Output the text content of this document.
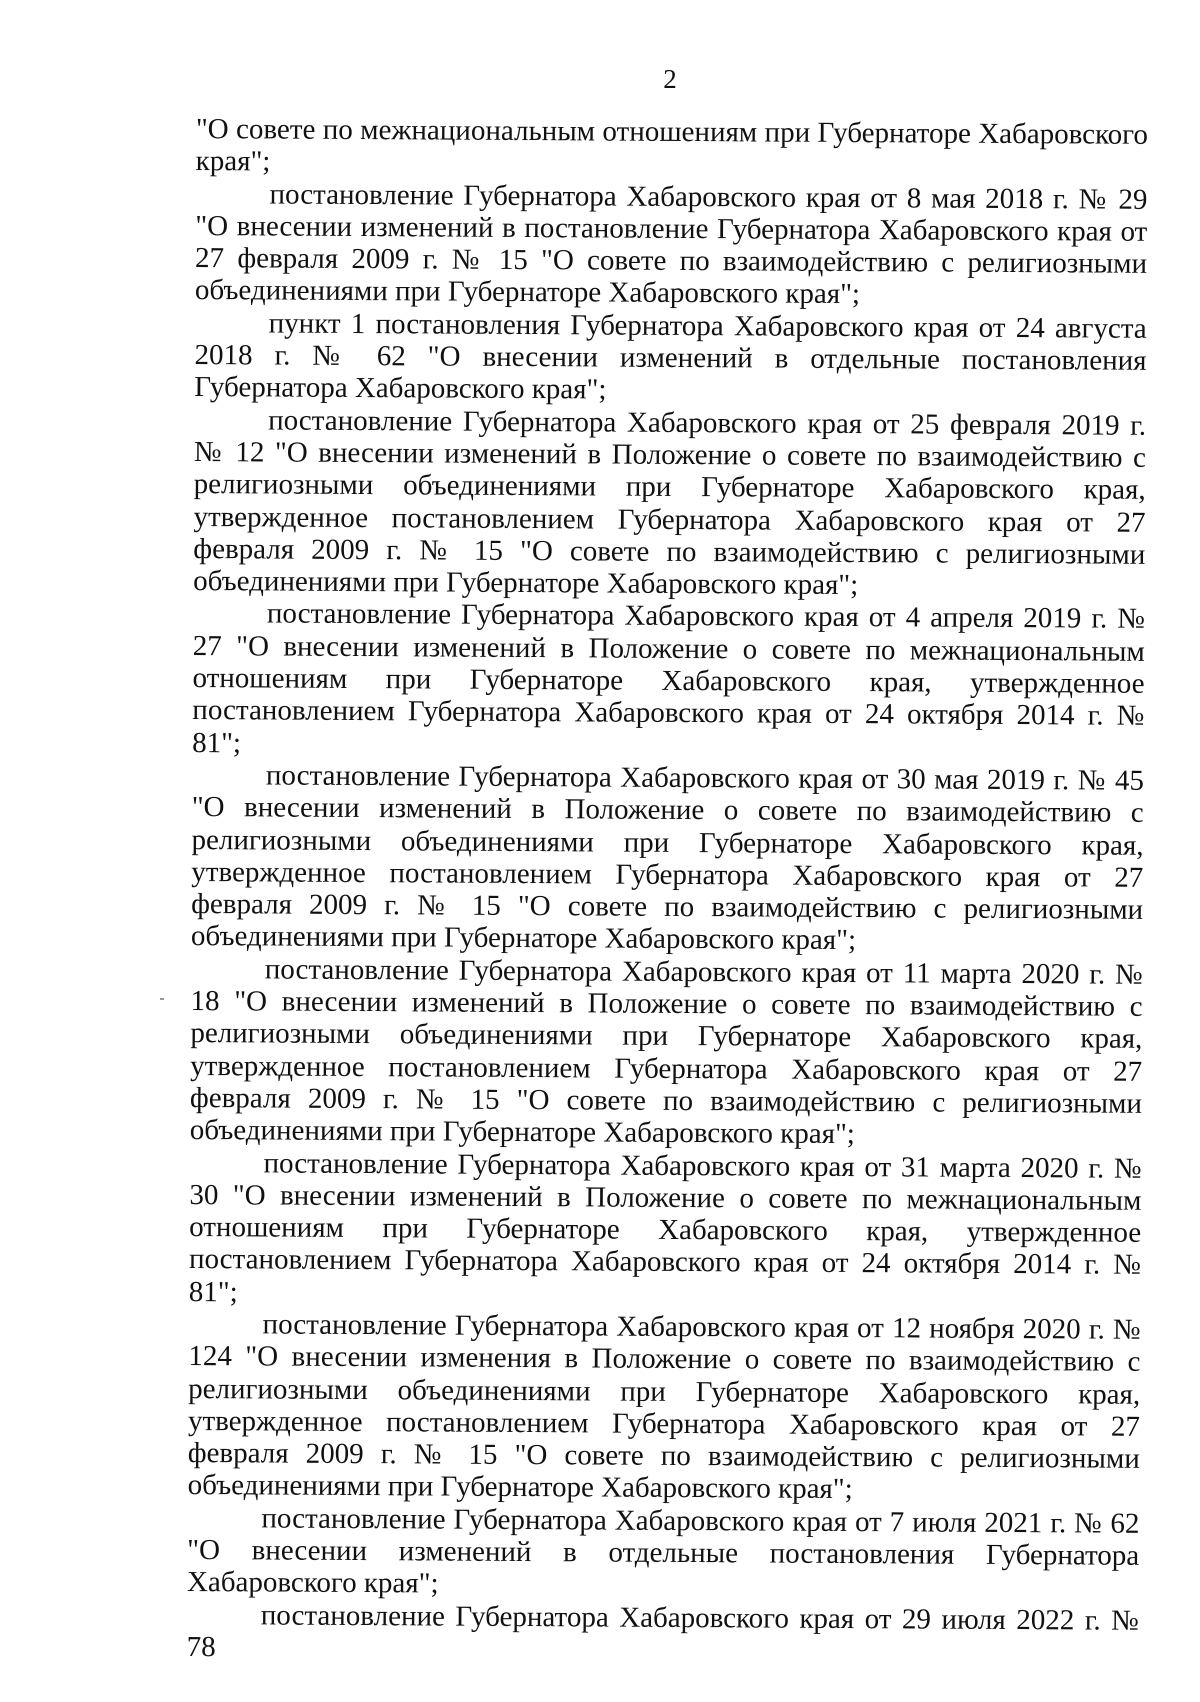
2

"О совете по межнациональным отношениям при Губернаторе Хабаровского края";

постановление Губернатора Хабаровского края от 8 мая 2018 г. № 29 "О внесении изменений в постановление Губернатора Хабаровского края от 27 февраля 2009 г. № 15 "О совете по взаимодействию с религиозными объединениями при Губернаторе Хабаровского края";

пункт 1 постановления Губернатора Хабаровского края от 24 августа 2018 г. № 62 "О внесении изменений в отдельные постановления Губернатора Хабаровского края";

постановление Губернатора Хабаровского края от 25 февраля 2019 г. № 12 "О внесении изменений в Положение о совете по взаимодействию с религиозными объединениями при Губернаторе Хабаровского края, утвержденное постановлением Губернатора Хабаровского края от 27 февраля 2009 г. № 15 "О совете по взаимодействию с религиозными объединениями при Губернаторе Хабаровского края";

постановление Губернатора Хабаровского края от 4 апреля 2019 г. № 27 "О внесении изменений в Положение о совете по межнациональным отношениям при Губернаторе Хабаровского края, утвержденное постановлением Губернатора Хабаровского края от 24 октября 2014 г. № 81";

постановление Губернатора Хабаровского края от 30 мая 2019 г. № 45 "О внесении изменений в Положение о совете по взаимодействию с религиозными объединениями при Губернаторе Хабаровского края, утвержденное постановлением Губернатора Хабаровского края от 27 февраля 2009 г. № 15 "О совете по взаимодействию с религиозными объединениями при Губернаторе Хабаровского края";

постановление Губернатора Хабаровского края от 11 марта 2020 г. № 18 "О внесении изменений в Положение о совете по взаимодействию с религиозными объединениями при Губернаторе Хабаровского края, утвержденное постановлением Губернатора Хабаровского края от 27 февраля 2009 г. № 15 "О совете по взаимодействию с религиозными объединениями при Губернаторе Хабаровского края";

постановление Губернатора Хабаровского края от 31 марта 2020 г. № 30 "О внесении изменений в Положение о совете по межнациональным отношениям при Губернаторе Хабаровского края, утвержденное постановлением Губернатора Хабаровского края от 24 октября 2014 г. № 81";

постановление Губернатора Хабаровского края от 12 ноября 2020 г. № 124 "О внесении изменения в Положение о совете по взаимодействию с религиозными объединениями при Губернаторе Хабаровского края, утвержденное постановлением Губернатора Хабаровского края от 27 февраля 2009 г. № 15 "О совете по взаимодействию с религиозными объединениями при Губернаторе Хабаровского края";

постановление Губернатора Хабаровского края от 7 июля 2021 г. № 62 "О внесении изменений в отдельные постановления Губернатора Хабаровского края";

постановление Губернатора Хабаровского края от 29 июля 2022 г. № 78
